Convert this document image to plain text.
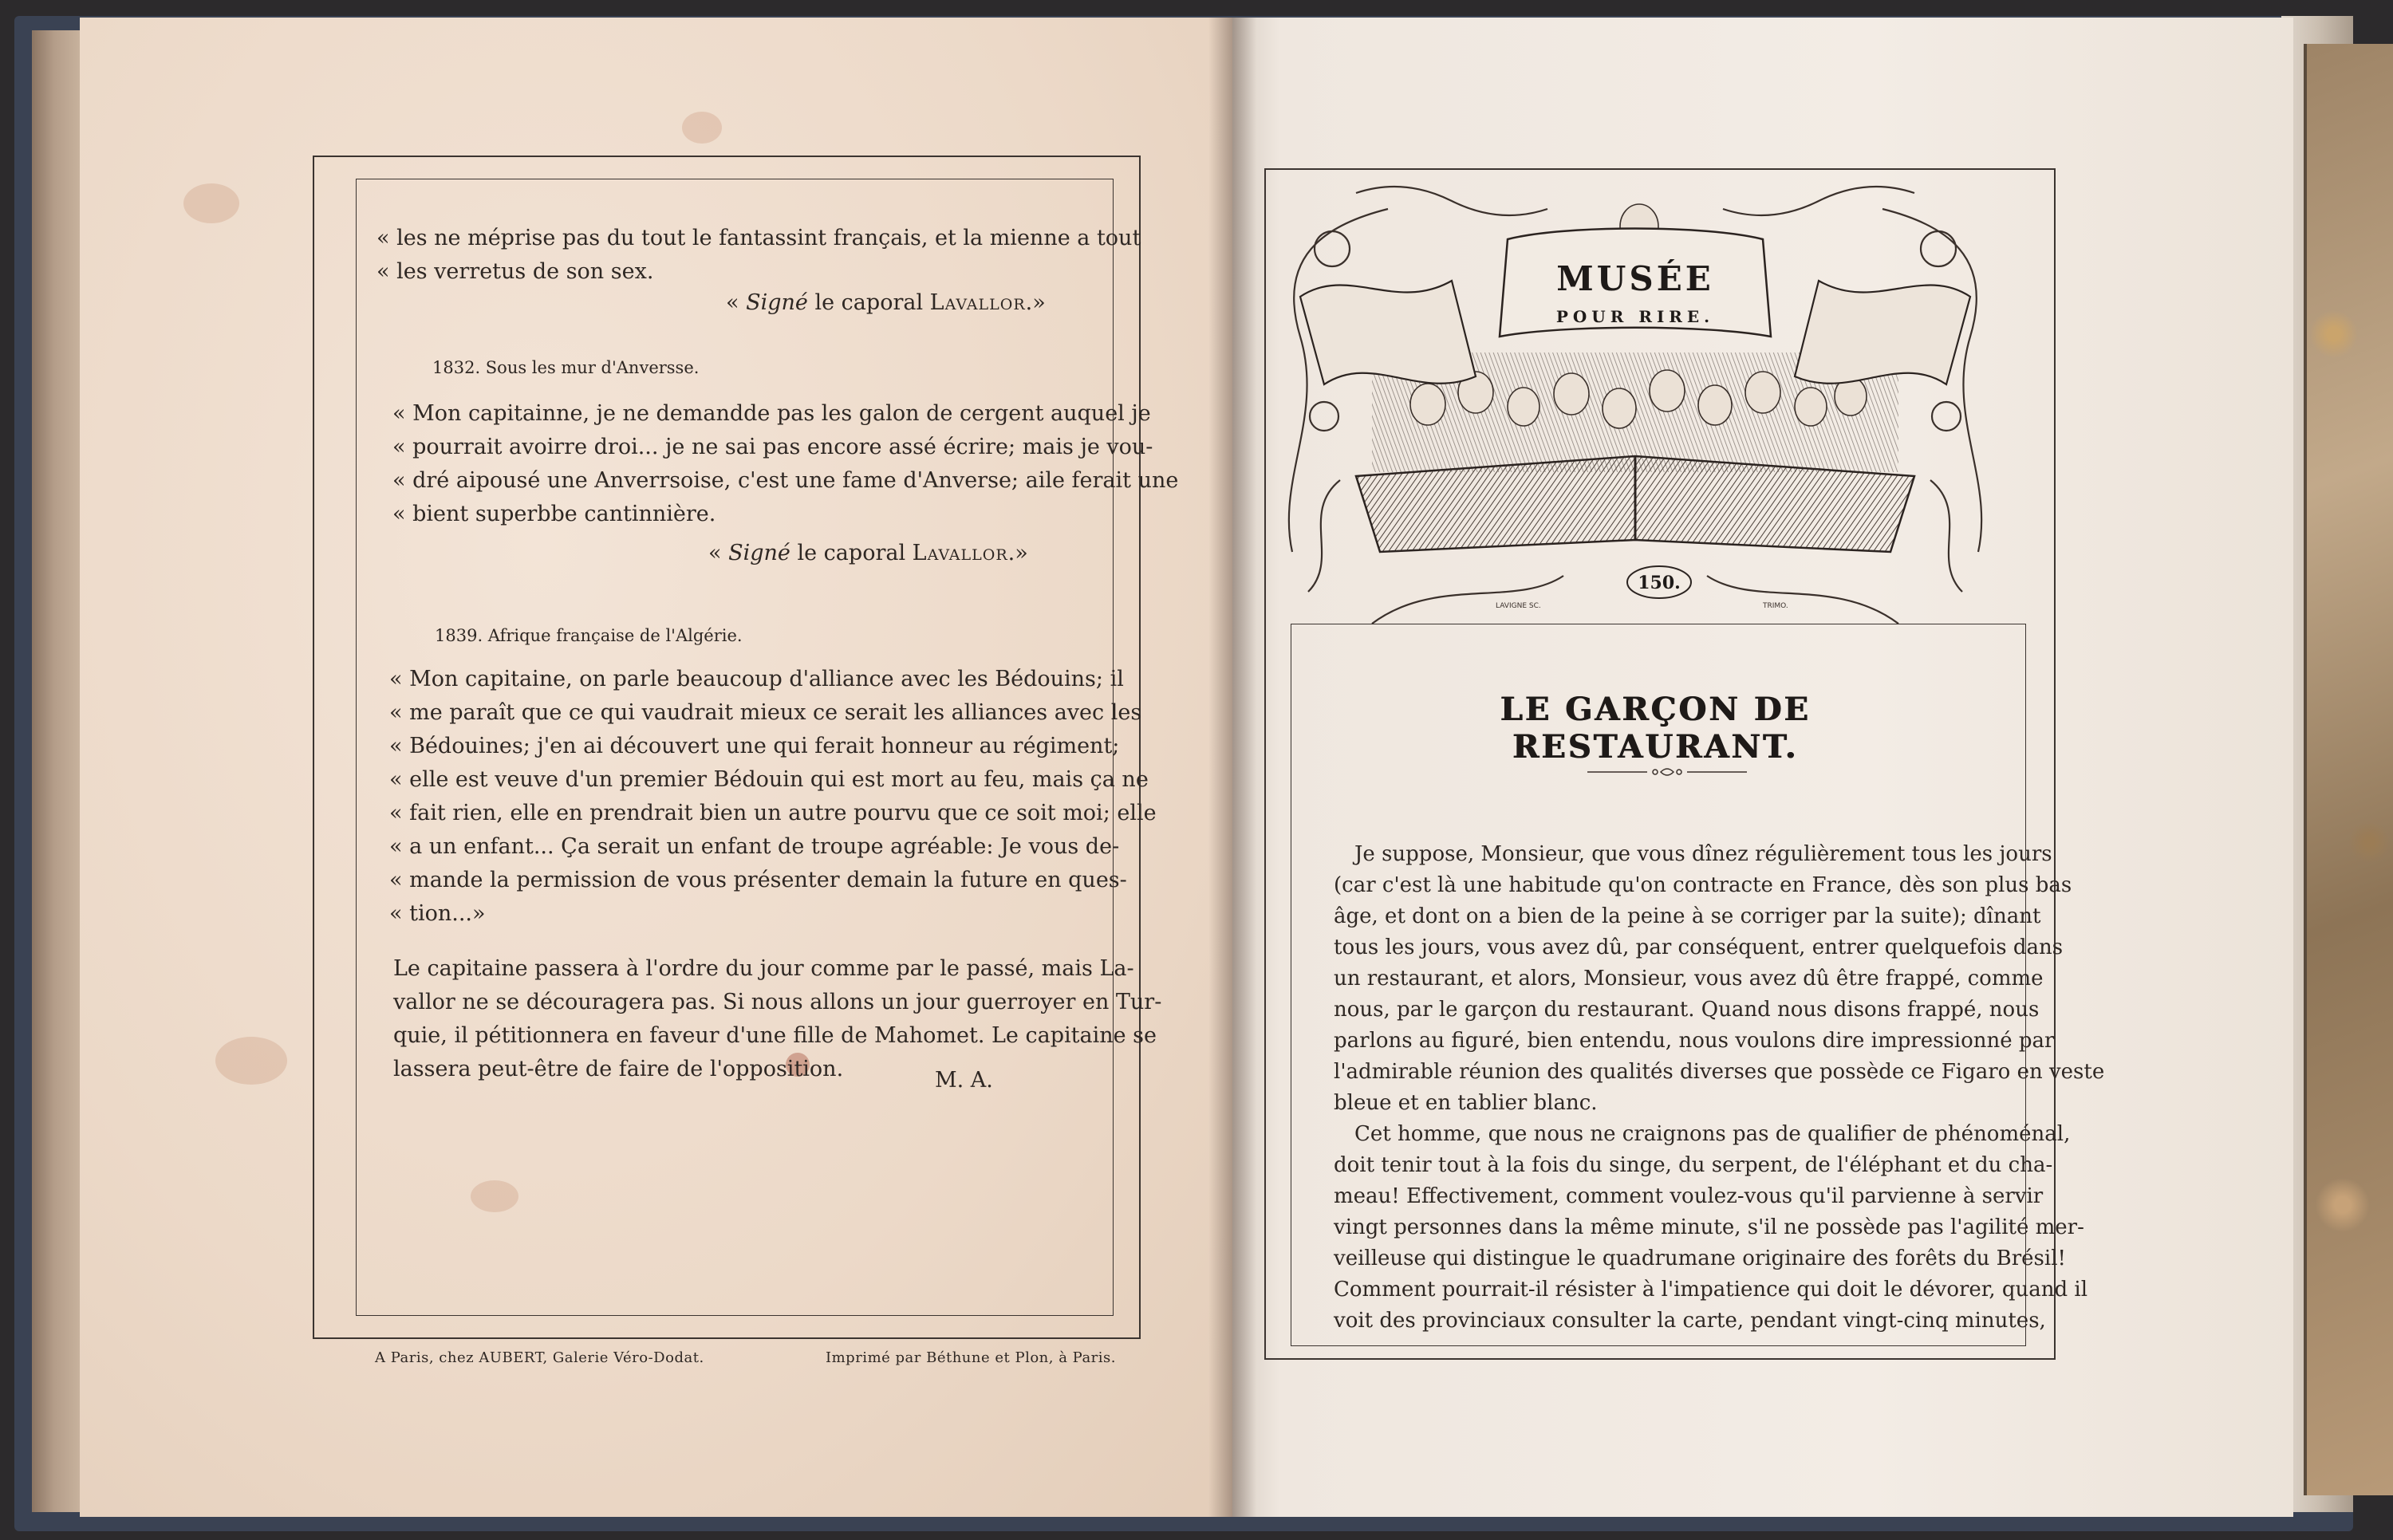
« les ne méprise pas du tout le fantassint français, et la mienne a tout
« les verretus de son sex.
« Signé le caporal Lavallor.»
1832. Sous les mur d'Anversse.
« Mon capitainne, je ne demandde pas les galon de cergent auquel je
« pourrait avoirre droi... je ne sai pas encore assé écrire; mais je vou-
« dré aipousé une Anverrsoise, c'est une fame d'Anverse; aile ferait une
« bient superbbe cantinnière.
« Signé le caporal Lavallor.»
1839. Afrique française de l'Algérie.
« Mon capitaine, on parle beaucoup d'alliance avec les Bédouins; il
« me paraît que ce qui vaudrait mieux ce serait les alliances avec les
« Bédouines; j'en ai découvert une qui ferait honneur au régiment;
« elle est veuve d'un premier Bédouin qui est mort au feu, mais ça ne
« fait rien, elle en prendrait bien un autre pourvu que ce soit moi; elle
« a un enfant... Ça serait un enfant de troupe agréable: Je vous de-
« mande la permission de vous présenter demain la future en ques-
« tion...»
Le capitaine passera à l'ordre du jour comme par le passé, mais La-
vallor ne se découragera pas. Si nous allons un jour guerroyer en Tur-
quie, il pétitionnera en faveur d'une fille de Mahomet. Le capitaine se
lassera peut-être de faire de l'opposition.	M. A.
A Paris, chez AUBERT, Galerie Véro-Dodat.	Imprimé par Béthune et Plon, à Paris.
MUSÉE
POUR RIRE.
150.
LAVIGNE SC.	TRIMO.
LE GARÇON DE RESTAURANT.
Je suppose, Monsieur, que vous dînez régulièrement tous les jours
(car c'est là une habitude qu'on contracte en France, dès son plus bas
âge, et dont on a bien de la peine à se corriger par la suite); dînant
tous les jours, vous avez dû, par conséquent, entrer quelquefois dans
un restaurant, et alors, Monsieur, vous avez dû être frappé, comme
nous, par le garçon du restaurant. Quand nous disons frappé, nous
parlons au figuré, bien entendu, nous voulons dire impressionné par
l'admirable réunion des qualités diverses que possède ce Figaro en veste
bleue et en tablier blanc.
Cet homme, que nous ne craignons pas de qualifier de phénoménal,
doit tenir tout à la fois du singe, du serpent, de l'éléphant et du cha-
meau! Effectivement, comment voulez-vous qu'il parvienne à servir
vingt personnes dans la même minute, s'il ne possède pas l'agilité mer-
veilleuse qui distingue le quadrumane originaire des forêts du Brésil!
Comment pourrait-il résister à l'impatience qui doit le dévorer, quand il
voit des provinciaux consulter la carte, pendant vingt-cinq minutes,
